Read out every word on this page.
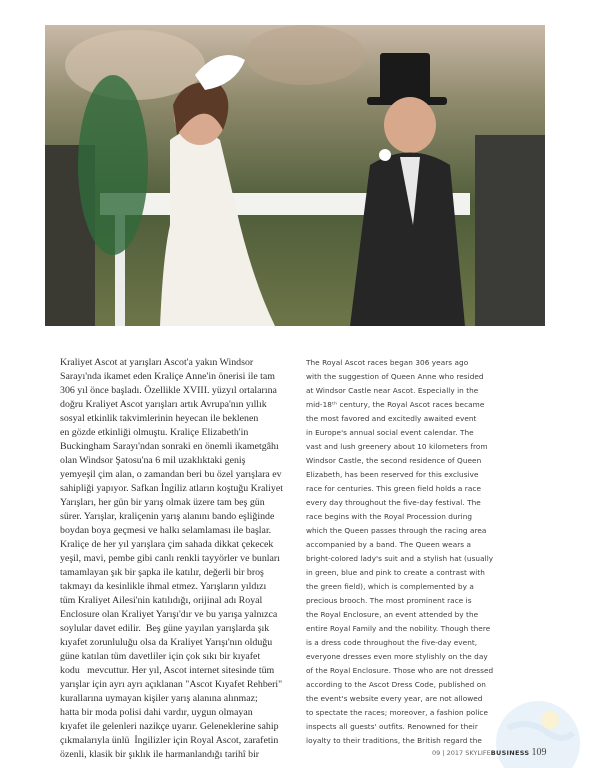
Kraliyet Ascot at yarışları Ascot'a yakın Windsor

Sarayı'nda ikamet eden Kraliçe Anne'in önerisi ile tam

306 yıl önce başladı. Özellikle XVIII. yüzyıl ortalarına

doğru Kraliyet Ascot yarışları artık Avrupa'nın yıllık

sosyal etkinlik takvimlerinin heyecan ile beklenen

en gözde etkinliği olmuştu. Kraliçe Elizabeth'in

Buckingham Sarayı'ndan sonraki en önemli ikametgâhı

olan Windsor Şatosu'na 6 mil uzaklıktaki geniş

yemyeşil çim alan, o zamandan beri bu özel yarışlara ev

sahipliği yapıyor. Safkan İngiliz atların koştuğu Kraliyet

Yarışları, her gün bir yarış olmak üzere tam beş gün

sürer. Yarışlar, kraliçenin yarış alanını bando eşliğinde

boydan boya geçmesi ve halkı selamlaması ile başlar.

Kraliçe de her yıl yarışlara çim sahada dikkat çekecek

yeşil, mavi, pembe gibi canlı renkli tayyörler ve bunları

tamamlayan şık bir şapka ile katılır, değerli bir broş

takmayı da kesinlikle ihmal etmez. Yarışların yıldızı

tüm Kraliyet Ailesi'nin katılıdığı, orijinal adı Royal

Enclosure olan Kraliyet Yarışı'dır ve bu yarışa yalnızca

soylular davet edilir.  Beş güne yayılan yarışlarda şık

kıyafet zorunluluğu olsa da Kraliyet Yarışı'nın olduğu

güne katılan tüm davetliler için çok sıkı bir kıyafet

kodu   mevcuttur. Her yıl, Ascot internet sitesinde tüm

yarışlar için ayrı ayrı açıklanan "Ascot Kıyafet Rehberi"

kurallarına uymayan kişiler yarış alanına alınmaz;

hatta bir moda polisi dahi vardır, uygun olmayan

kıyafet ile gelenleri nazikçe uyarır. Geleneklerine sahip

çıkmalarıyla ünlü  İngilizler için Royal Ascot, zarafetin

özenli, klasik bir şıklık ile harmanlandığı tarihî bir

The Royal Ascot races began 306 years ago

with the suggestion of Queen Anne who resided

at Windsor Castle near Ascot. Especially in the

mid-18ᵗʰ century, the Royal Ascot races became

the most favored and excitedly awaited event

in Europe's annual social event calendar. The

vast and lush greenery about 10 kilometers from

Windsor Castle, the second residence of Queen

Elizabeth, has been reserved for this exclusive

race for centuries. This green field holds a race

every day throughout the five-day festival. The

race begins with the Royal Procession during

which the Queen passes through the racing area

accompanied by a band. The Queen wears a

bright-colored lady's suit and a stylish hat (usually

in green, blue and pink to create a contrast with

the green field), which is complemented by a

precious brooch. The most prominent race is

the Royal Enclosure, an event attended by the

entire Royal Family and the nobility. Though there

is a dress code throughout the five-day event,

everyone dresses even more stylishly on the day

of the Royal Enclosure. Those who are not dressed

according to the Ascot Dress Code, published on

the event's website every year, are not allowed

to spectate the races; moreover, a fashion police

inspects all guests' outfits. Renowned for their

loyalty to their traditions, the British regard the

09 | 2017 SKYLIFEBUSINESS 109
